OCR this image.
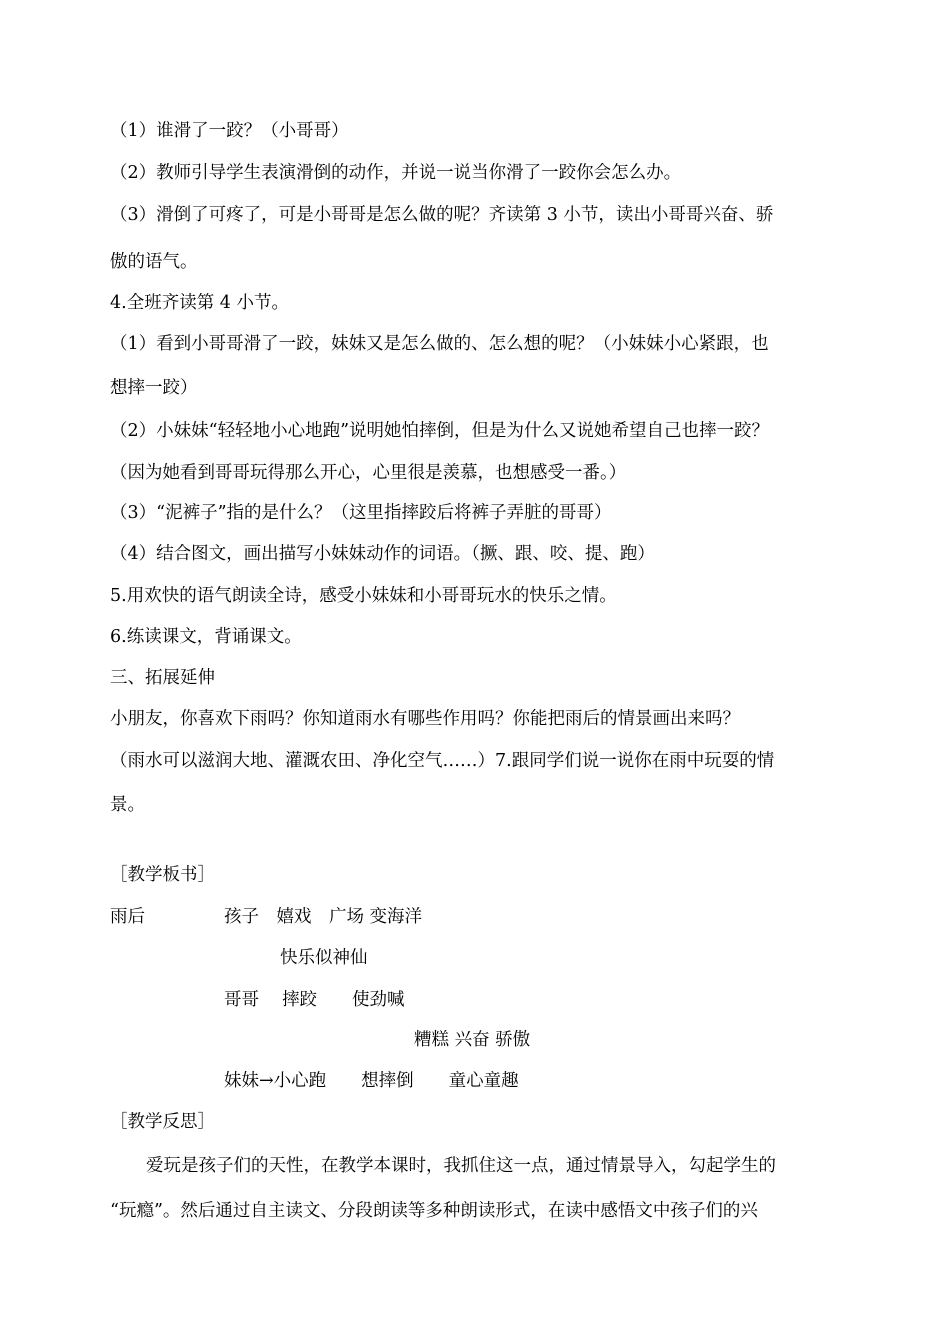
（1）谁滑了一跤？（小哥哥）
（2）教师引导学生表演滑倒的动作，并说一说当你滑了一跤你会怎么办。
（3）滑倒了可疼了，可是小哥哥是怎么做的呢？齐读第 3 小节，读出小哥哥兴奋、骄
傲的语气。
4.全班齐读第 4 小节。
（1）看到小哥哥滑了一跤，妹妹又是怎么做的、怎么想的呢？（小妹妹小心紧跟，也
想摔一跤）
（2）小妹妹“轻轻地小心地跑”说明她怕摔倒，但是为什么又说她希望自己也摔一跤？
（因为她看到哥哥玩得那么开心，心里很是羡慕，也想感受一番。）
（3）“泥裤子”指的是什么？（这里指摔跤后将裤子弄脏的哥哥）
（4）结合图文，画出描写小妹妹动作的词语。（撅、跟、咬、提、跑）
5.用欢快的语气朗读全诗，感受小妹妹和小哥哥玩水的快乐之情。
6.练读课文，背诵课文。
三、拓展延伸
小朋友，你喜欢下雨吗？你知道雨水有哪些作用吗？你能把雨后的情景画出来吗？
（雨水可以滋润大地、灌溉农田、净化空气……）7.跟同学们说一说你在雨中玩耍的情
景。
［教学板书］
雨后	孩子　嬉戏　广场 变海洋
快乐似神仙
哥哥　 摔跤　　使劲喊
糟糕 兴奋 骄傲
妹妹→小心跑　　想摔倒　　童心童趣
［教学反思］
爱玩是孩子们的天性，在教学本课时，我抓住这一点，通过情景导入，勾起学生的
“玩瘾”。然后通过自主读文、分段朗读等多种朗读形式，在读中感悟文中孩子们的兴
